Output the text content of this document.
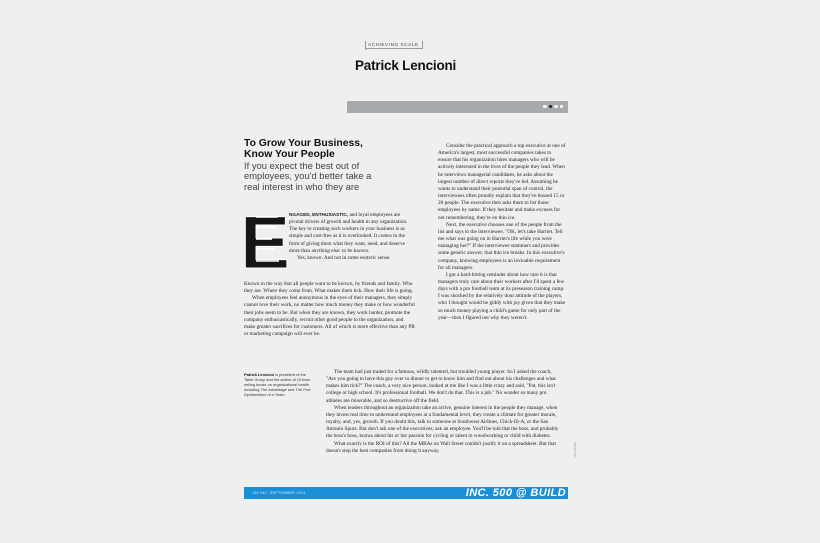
ACHIEVING SCALE
Patrick Lencioni
To Grow Your Business,
Know Your People
If you expect the best out of employees, you'd better take a real interest in who they are
E NGAGED, ENTHUSIASTIC, and loyal employees are pivotal drivers of growth and health in any organization. The key to creating such workers in your business is as simple and cost-free as it is overlooked. It comes in the form of giving them what they want, need, and deserve more than anything else: to be known.

Yes, known. And not in some esoteric sense.

Known in the way that all people want to be known, by friends and family. Who they are. Where they come from. What makes them tick. How their life is going.

When employees feel anonymous in the eyes of their managers, they simply cannot love their work, no matter how much money they make or how wonderful their jobs seem to be. But when they are known, they work harder, promote the company enthusiastically, recruit other good people to the organization, and make greater sacrifices for customers. All of which is more effective than any PR or marketing campaign will ever be.

Consider the practical approach a top executive at one of America's largest, most successful companies takes to ensure that his organization hires managers who will be actively interested in the lives of the people they lead. When he interviews managerial candidates, he asks about the largest number of direct reports they've led. Assuming he wants to understand their potential span of control, the interviewees often proudly explain that they've bossed 15 or 20 people. The executive then asks them to list those employees by name. If they hesitate and make excuses for not remembering, they're on thin ice.

Next, the executive chooses one of the people from the list and says to the interviewee, "OK, let's take Harriet. Tell me what was going on in Harriet's life while you were managing her?" If the interviewee stammers and provides some generic answer, that thin ice breaks. In this executive's company, knowing employees is an invioable requirement for all managers.

I got a hard-hitting reminder about how rare it is that managers truly care about their workers after I'd spent a few days with a pro football team at its preseason training camp. I was shocked by the relatively dour attitude of the players, who I thought would be giddy with joy given that they make so much money playing a child's game for only part of the year—then I figured out why they weren't.

Patrick Lencioni is president of the Table Group and the author of 10 best-selling books on organizational health, including The Advantage and The Five Dysfunctions of a Team.

The team had just traded for a famous, wildly talented, but troubled young player. So I asked the coach, "Are you going to have this guy over to dinner to get to know him and find out about his challenges and what makes him tick?" The coach, a very nice person, looked at me like I was a little crazy and said, "Pat, this isn't college or high school. It's professional football. We don't do that. This is a job." No wonder so many pro athletes are miserable, and so destructive off the field.

When leaders throughout an organization take an active, genuine interest in the people they manage, when they invest real time to understand employees at a fundamental level, they create a climate for greater morale, loyalty, and, yes, growth. If you doubt this, talk to someone at Southwest Airlines, Chick-fil-A, or the San Antonio Spurs. But don't ask one of the executives; ask an employee. You'll be told that the boss, and probably the boss's boss, knows about his or her passion for cycling or talent in woodworking or child with diabetes.

What exactly is the ROI of this? All the MBAs on Wall Street couldn't justify it on a spreadsheet. But that doesn't stop the best companies from doing it anyway.	LISA WARD
132 INC. SEPTEMBER 2013	INC. 500 @ BUILD
